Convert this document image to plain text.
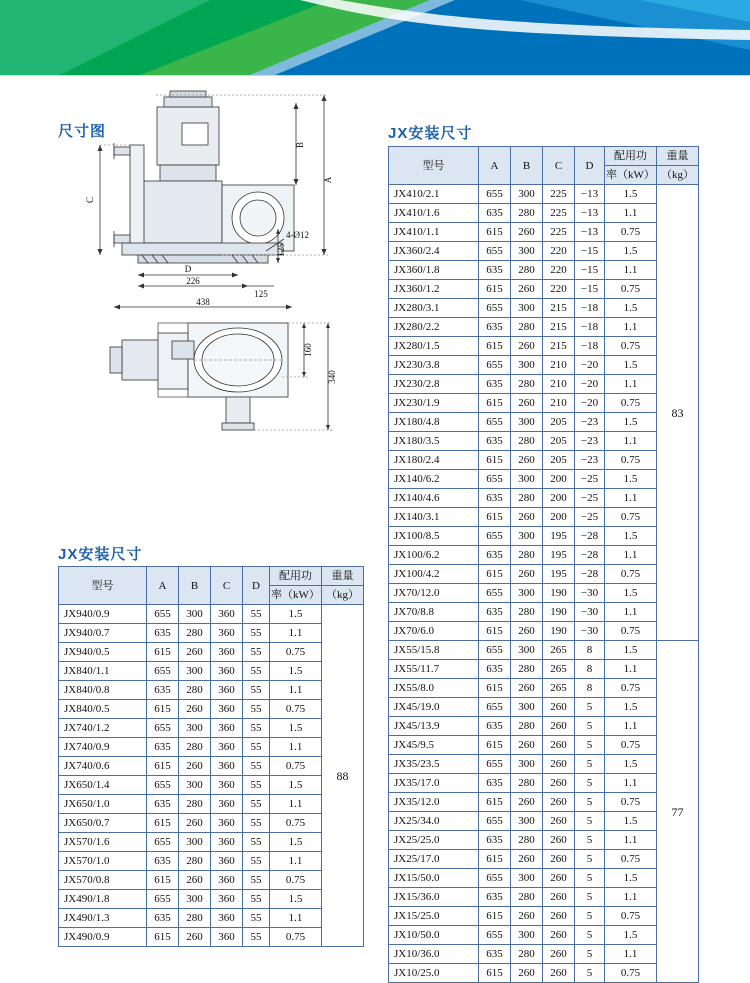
尺寸图	JX安装尺寸
JX安装尺寸
A
B
C
4-Ø12
125
D
226
125
438
160
340
型号	A	B	C	D	配用功	重量
					率（kW）	（kg）
JX410/2.1	655	300	225	−13	1.5	83
JX410/1.6	635	280	225	−13	1.1	
JX410/1.1	615	260	225	−13	0.75	
JX360/2.4	655	300	220	−15	1.5	
JX360/1.8	635	280	220	−15	1.1	
JX360/1.2	615	260	220	−15	0.75	
JX280/3.1	655	300	215	−18	1.5	
JX280/2.2	635	280	215	−18	1.1	
JX280/1.5	615	260	215	−18	0.75	
JX230/3.8	655	300	210	−20	1.5	
JX230/2.8	635	280	210	−20	1.1	
JX230/1.9	615	260	210	−20	0.75	
JX180/4.8	655	300	205	−23	1.5	
JX180/3.5	635	280	205	−23	1.1	
JX180/2.4	615	260	205	−23	0.75	
JX140/6.2	655	300	200	−25	1.5	
JX140/4.6	635	280	200	−25	1.1	
JX140/3.1	615	260	200	−25	0.75	
JX100/8.5	655	300	195	−28	1.5	
JX100/6.2	635	280	195	−28	1.1	
JX100/4.2	615	260	195	−28	0.75	
JX70/12.0	655	300	190	−30	1.5	
JX70/8.8	635	280	190	−30	1.1	
JX70/6.0	615	260	190	−30	0.75	
JX55/15.8	655	300	265	8	1.5	77
JX55/11.7	635	280	265	8	1.1	
JX55/8.0	615	260	265	8	0.75	
JX45/19.0	655	300	260	5	1.5	
JX45/13.9	635	280	260	5	1.1	
JX45/9.5	615	260	260	5	0.75	
JX35/23.5	655	300	260	5	1.5	
JX35/17.0	635	280	260	5	1.1	
JX35/12.0	615	260	260	5	0.75	
JX25/34.0	655	300	260	5	1.5	
JX25/25.0	635	280	260	5	1.1	
JX25/17.0	615	260	260	5	0.75	
JX15/50.0	655	300	260	5	1.5	
JX15/36.0	635	280	260	5	1.1	
JX15/25.0	615	260	260	5	0.75	
JX10/50.0	655	300	260	5	1.5	
JX10/36.0	635	280	260	5	1.1	
JX10/25.0	615	260	260	5	0.75	
型号	A	B	C	D	配用功	重量
					率（kW）	（kg）
JX940/0.9	655	300	360	55	1.5	88
JX940/0.7	635	280	360	55	1.1	
JX940/0.5	615	260	360	55	0.75	
JX840/1.1	655	300	360	55	1.5	
JX840/0.8	635	280	360	55	1.1	
JX840/0.5	615	260	360	55	0.75	
JX740/1.2	655	300	360	55	1.5	
JX740/0.9	635	280	360	55	1.1	
JX740/0.6	615	260	360	55	0.75	
JX650/1.4	655	300	360	55	1.5	
JX650/1.0	635	280	360	55	1.1	
JX650/0.7	615	260	360	55	0.75	
JX570/1.6	655	300	360	55	1.5	
JX570/1.0	635	280	360	55	1.1	
JX570/0.8	615	260	360	55	0.75	
JX490/1.8	655	300	360	55	1.5	
JX490/1.3	635	280	360	55	1.1	
JX490/0.9	615	260	360	55	0.75	
